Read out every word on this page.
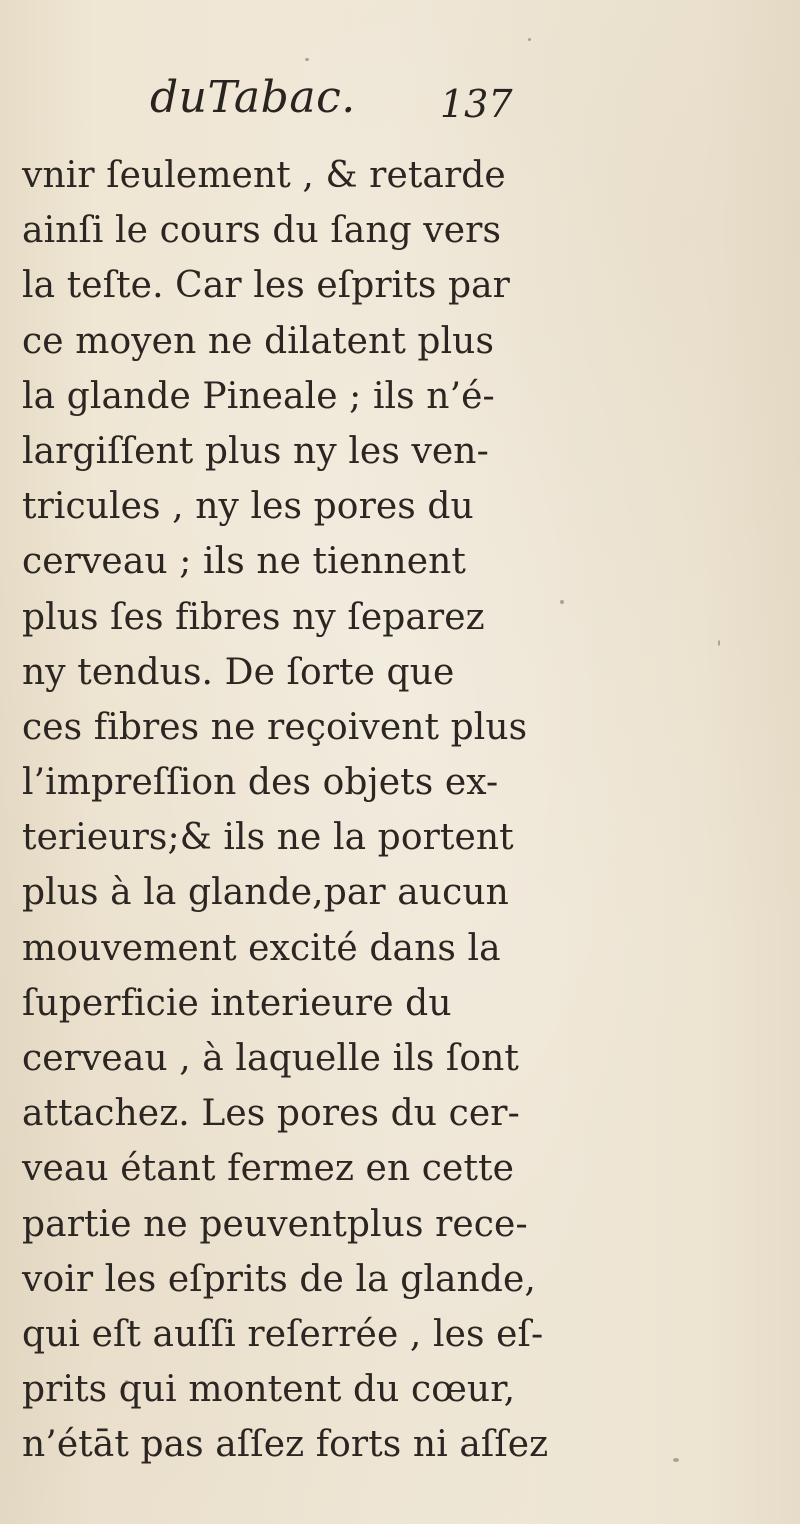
duTabac. 137
vnir ſeulement , & retarde
ainſi le cours du ſang vers
la teſte. Car les eſprits par
ce moyen ne dilatent plus
la glande Pineale ; ils n’é-
largiſſent plus ny les ven-
tricules , ny les pores du
cerveau ; ils ne tiennent
plus ſes fibres ny ſeparez
ny tendus. De ſorte que
ces fibres ne reçoivent plus
l’impreſſion des objets ex-
terieurs;& ils ne la portent
plus à la glande,par aucun
mouvement excité dans la
ſuperficie interieure du
cerveau , à laquelle ils ſont
attachez. Les pores du cer-
veau étant fermez en cette
partie ne peuventplus rece-
voir les eſprits de la glande,
qui eſt auſſi reſerrée , les eſ-
prits qui montent du cœur,
n’étāt pas aſſez forts ni aſſez
